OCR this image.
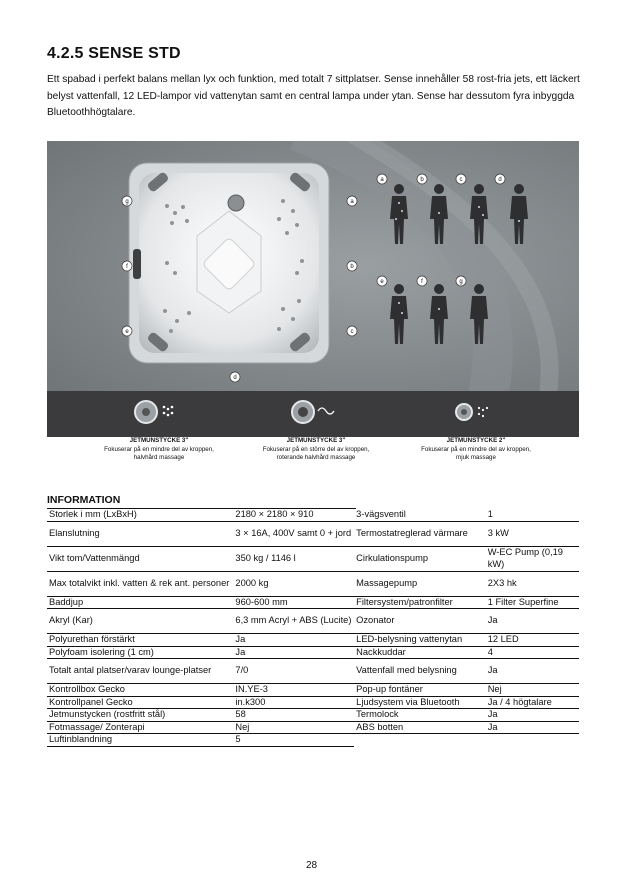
4.2.5 SENSE STD
Ett spabad i perfekt balans mellan lyx och funktion, med totalt 7 sittplatser. Sense innehåller 58 rost-fria jets, ett läckert belyst vattenfall, 12 LED-lampor vid vattenytan samt en central lampa under ytan. Sense har dessutom fyra inbyggda Bluetoothhögtalare.
g	a
f	b
e	c
d
a	b	c	d
e	f	g
JETMUNSTYCKE 3"
Fokuserar på en mindre del av kroppen,
halvhård massage
JETMUNSTYCKE 3"
Fokuserar på en större del av kroppen,
roterande halvhård massage
JETMUNSTYCKE 2"
Fokuserar på en mindre del av kroppen,
mjuk massage
INFORMATION
Storlek i mm (LxBxH)	2180 × 2180 × 910	3-vägsventil	1
Elanslutning	3 × 16A, 400V samt 0 + jord	Termostatreglerad värmare	3 kW
Vikt tom/Vattenmängd	350 kg / 1146 l	Cirkulationspump	W-EC Pump (0,19 kW)
Max totalvikt inkl. vatten & rek ant. personer	2000 kg	Massagepump	2X3 hk
Baddjup	960-600 mm	Filtersystem/patronfilter	1 Filter Superfine
Akryl (Kar)	6,3 mm Acryl + ABS (Lucite)	Ozonator	Ja
Polyurethan förstärkt	Ja	LED-belysning vattenytan	12 LED
Polyfoam isolering (1 cm)	Ja	Nackkuddar	4
Totalt antal platser/varav lounge-platser	7/0	Vattenfall med belysning	Ja
Kontrollbox Gecko	IN.YE-3	Pop-up fontäner	Nej
Kontrollpanel Gecko	in.k300	Ljudsystem via Bluetooth	Ja / 4 högtalare
Jetmunstycken (rostfritt stål)	58	Termolock	Ja
Fotmassage/ Zonterapi	Nej	ABS botten	Ja
Luftinblandning	5		
28
